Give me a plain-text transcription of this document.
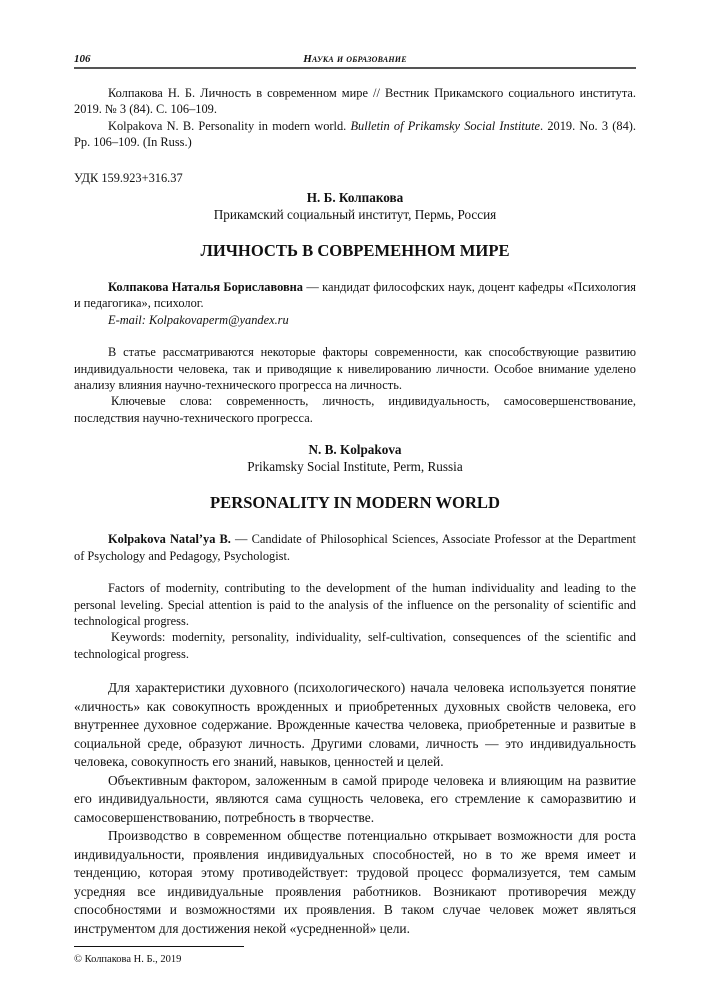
106	Наука и образование

Колпакова Н. Б. Личность в современном мире // Вестник Прикамского социального института. 2019. № 3 (84). С. 106–109.

Kolpakova N. B. Personality in modern world. Bulletin of Prikamsky Social Institute. 2019. No. 3 (84). Pp. 106–109. (In Russ.)

УДК 159.923+316.37

Н. Б. Колпакова
Прикамский социальный институт, Пермь, Россия
ЛИЧНОСТЬ В СОВРЕМЕННОМ МИРЕ

Колпакова Наталья Бориславовна — кандидат философских наук, доцент кафедры «Психология и педагогика», психолог.

E-mail: Kolpakovaperm@yandex.ru

В статье рассматриваются некоторые факторы современности, как способствующие развитию индивидуальности человека, так и приводящие к нивелированию личности. Особое внимание уделено анализу влияния научно-технического прогресса на личность.

Ключевые слова: современность, личность, индивидуальность, самосовершенствование, последствия научно-технического прогресса.

N. B. Kolpakova
Prikamsky Social Institute, Perm, Russia
PERSONALITY IN MODERN WORLD

Kolpakova Natal’ya B. — Candidate of Philosophical Sciences, Associate Professor at the Department of Psychology and Pedagogy, Psychologist.

Factors of modernity, contributing to the development of the human individuality and leading to the personal leveling. Special attention is paid to the analysis of the influence on the personality of scientific and technological progress.

Keywords: modernity, personality, individuality, self-cultivation, consequences of the scientific and technological progress.

Для характеристики духовного (психологического) начала человека используется понятие «личность» как совокупность врожденных и приобретенных духовных свойств человека, его внутреннее духовное содержание. Врожденные качества человека, приобретенные и развитые в социальной среде, образуют личность. Другими словами, личность — это индивидуальность человека, совокупность его знаний, навыков, ценностей и целей.

Объективным фактором, заложенным в самой природе человека и влияющим на развитие его индивидуальности, являются сама сущность человека, его стремление к саморазвитию и самосовершенствованию, потребность в творчестве.

Производство в современном обществе потенциально открывает возможности для роста индивидуальности, проявления индивидуальных способностей, но в то же время имеет и тенденцию, которая этому противодействует: трудовой процесс формализуется, тем самым усредняя все индивидуальные проявления работников. Возникают противоречия между способностями и возможностями их проявления. В таком случае человек может являться инструментом для достижения некой «усредненной» цели.

© Колпакова Н. Б., 2019
